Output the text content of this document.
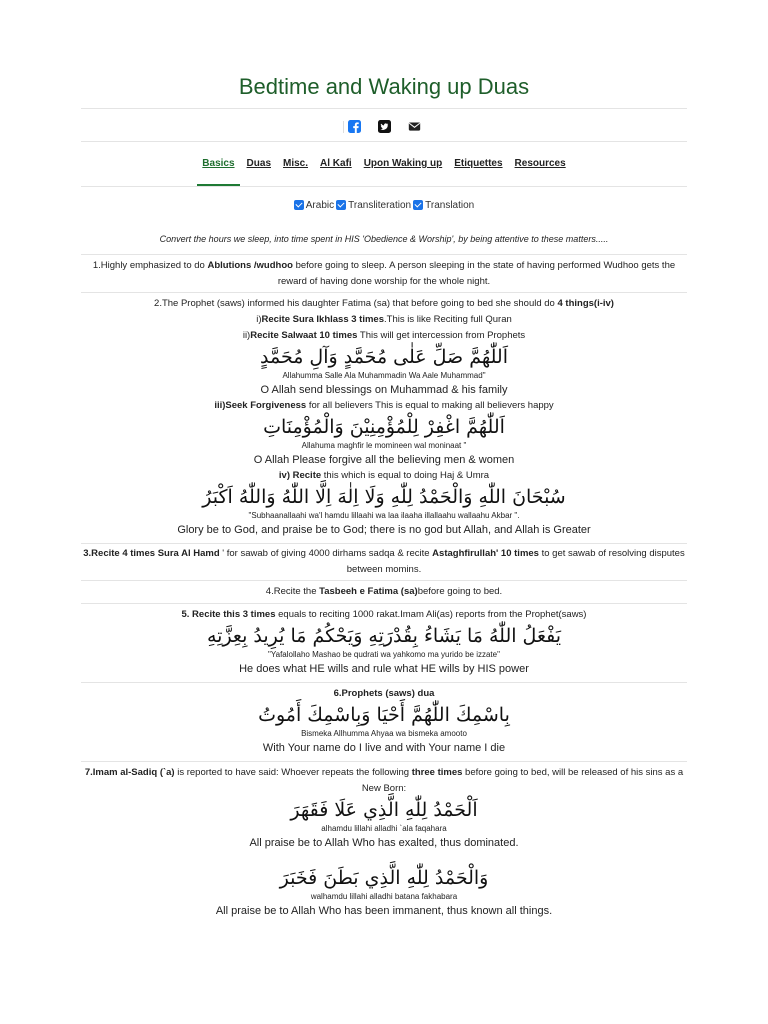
Bedtime and Waking up Duas
Basics	Duas	Misc.	Al Kafi	Upon Waking up	Etiquettes	Resources
Arabic Transliteration Translation
Convert the hours we sleep, into time spent in HIS 'Obedience & Worship', by being attentive to these matters.....
1.Highly emphasized to do Ablutions /wudhoo before going to sleep. A person sleeping in the state of having performed Wudhoo gets the reward of having done worship for the whole night.
2.The Prophet (saws) informed his daughter Fatima (sa) that before going to bed she should do 4 things(i-iv)
i)Recite Sura Ikhlass 3 times.This is like Reciting full Quran
ii)Recite Salwaat 10 times This will get intercession from Prophets
اَللّٰهُمَّ صَلِّ عَلٰى مُحَمَّدٍ وَآلِ مُحَمَّدٍ
Allahumma Salle Ala Muhammadin Wa Aale Muhammad"
O Allah send blessings on Muhammad & his family
iii)Seek Forgiveness for all believers This is equal to making all believers happy
اَللّٰهُمَّ اغْفِرْ لِلْمُؤْمِنِيْنَ وَالْمُؤْمِنَاتِ
Allahuma maghfir le momineen wal moninaat "
O Allah Please forgive all the believing men & women
iv) Recite this which is equal to doing Haj & Umra
سُبْحَانَ اللّٰهِ وَالْحَمْدُ لِلّٰهِ وَلَا اِلٰهَ اِلَّا اللّٰهُ وَاللّٰهُ اَكْبَرُ
"Subhaanallaahi wa'l hamdu lillaahi wa laa ilaaha illallaahu wallaahu Akbar ".
Glory be to God, and praise be to God; there is no god but Allah, and Allah is Greater
3.Recite 4 times Sura Al Hamd ' for sawab of giving 4000 dirhams sadqa & recite Astaghfirullah' 10 times to get sawab of resolving disputes between momins.
4.Recite the Tasbeeh e Fatima (sa)before going to bed.
5. Recite this 3 times equals to reciting 1000 rakat.Imam Ali(as) reports from the Prophet(saws)
يَفْعَلُ اللّٰهُ مَا يَشَاءُ بِقُدْرَتِهِ وَيَحْكُمُ مَا يُرِيدُ بِعِزَّتِهِ
"Yafalollaho Mashao be qudrati wa yahkomo ma yurido be izzate"
He does what HE wills and rule what HE wills by HIS power
6.Prophets (saws) dua
بِاسْمِكَ اللّٰهُمَّ أَحْيَا وَبِاسْمِكَ أَمُوتُ
Bismeka Allhumma Ahyaa wa bismeka amooto
With Your name do I live and with Your name I die
7.Imam al-Sadiq (`a) is reported to have said: Whoever repeats the following three times before going to bed, will be released of his sins as a New Born:
اَلْحَمْدُ لِلّٰهِ الَّذِي عَلَا فَقَهَرَ
alhamdu lillahi alladhi `ala faqahara
All praise be to Allah Who has exalted, thus dominated.
وَالْحَمْدُ لِلّٰهِ الَّذِي بَطَنَ فَخَبَرَ
walhamdu lillahi alladhi batana fakhabara
All praise be to Allah Who has been immanent, thus known all things.
